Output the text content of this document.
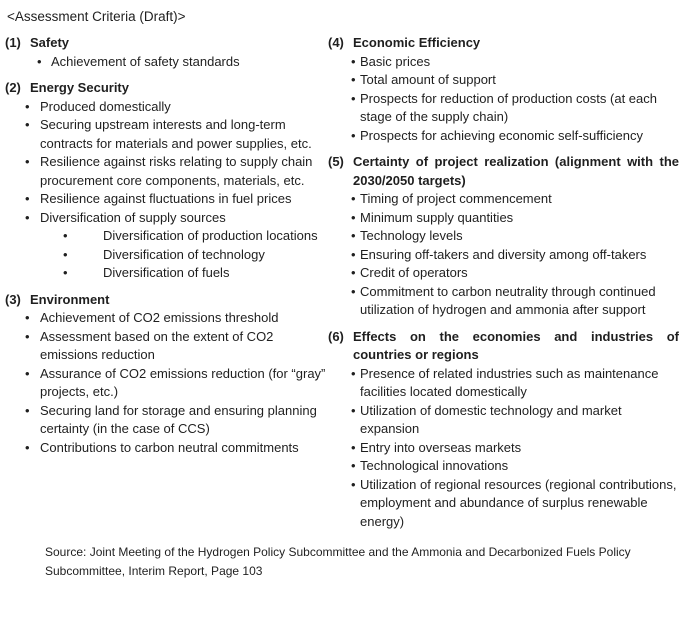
<Assessment Criteria (Draft)>
(1) Safety
• Achievement of safety standards
(2) Energy Security
• Produced domestically
• Securing upstream interests and long-term contracts for materials and power supplies, etc.
• Resilience against risks relating to supply chain procurement core components, materials, etc.
• Resilience against fluctuations in fuel prices
• Diversification of supply sources
•	Diversification of production locations
•	Diversification of technology
•	Diversification of fuels
(3) Environment
• Achievement of CO2 emissions threshold
• Assessment based on the extent of CO2 emissions reduction
• Assurance of CO2 emissions reduction (for “gray” projects, etc.)
• Securing land for storage and ensuring planning certainty (in the case of CCS)
• Contributions to carbon neutral commitments
(4) Economic Efficiency
• Basic prices
• Total amount of support
• Prospects for reduction of production costs (at each stage of the supply chain)
• Prospects for achieving economic self-sufficiency
(5) Certainty of project realization (alignment with the 2030/2050 targets)
• Timing of project commencement
• Minimum supply quantities
• Technology levels
• Ensuring off-takers and diversity among off-takers
• Credit of operators
• Commitment to carbon neutrality through continued utilization of hydrogen and ammonia after support
(6) Effects on the economies and industries of countries or regions
• Presence of related industries such as maintenance facilities located domestically
• Utilization of domestic technology and market expansion
• Entry into overseas markets
• Technological innovations
• Utilization of regional resources (regional contributions, employment and abundance of surplus renewable energy)
Source: Joint Meeting of the Hydrogen Policy Subcommittee and the Ammonia and Decarbonized Fuels Policy Subcommittee, Interim Report, Page 103
